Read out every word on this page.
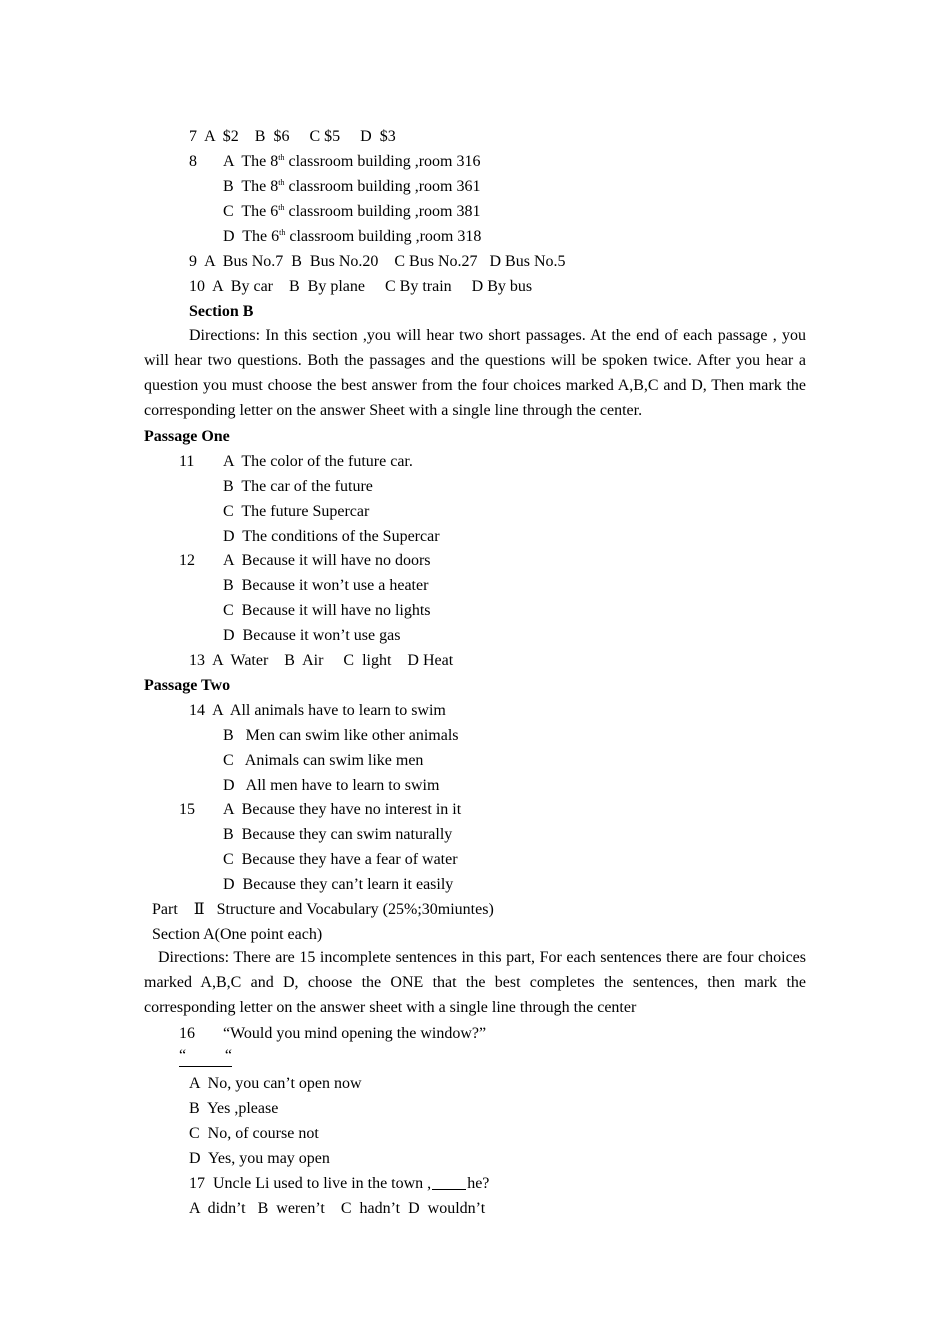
7  A  $2    B  $6     C $5     D  $3
8 A  The 8th classroom building ,room 316
B  The 8th classroom building ,room 361
C  The 6th classroom building ,room 381
D  The 6th classroom building ,room 318
9  A  Bus No.7  B  Bus No.20    C Bus No.27   D Bus No.5
10  A  By car    B  By plane     C By train     D By bus
Section B
Directions: In this section ,you will hear two short passages. At the end of each passage , you will hear two questions. Both the passages and the questions will be spoken twice. After you hear a question you must choose the best answer from the four choices marked A,B,C and D, Then mark the corresponding letter on the answer Sheet with a single line through the center.
Passage One
11 A  The color of the future car.
B  The car of the future
C  The future Supercar
D  The conditions of the Supercar
12 A  Because it will have no doors
B  Because it won’t use a heater
C  Because it will have no lights
D  Because it won’t use gas
13  A  Water    B  Air     C  light    D Heat
Passage Two
14  A  All animals have to learn to swim
B   Men can swim like other animals
C   Animals can swim like men
D   All men have to learn to swim
15 A  Because they have no interest in it
B  Because they can swim naturally
C  Because they have a fear of water
D  Because they can’t learn it easily
Part    Ⅱ   Structure and Vocabulary (25%;30miuntes)
Section A(One point each)
Directions: There are 15 incomplete sentences in this part, For each sentences there are four choices marked A,B,C and D, choose the ONE that the best completes the sentences, then mark the corresponding letter on the answer sheet with a single line through the center
16 “Would you mind opening the window?”
“ “
A  No, you can’t open now
B  Yes ,please
C  No, of course not
D  Yes, you may open
17  Uncle Li used to live in the town , he?
A  didn’t   B  weren’t    C  hadn’t  D  wouldn’t
